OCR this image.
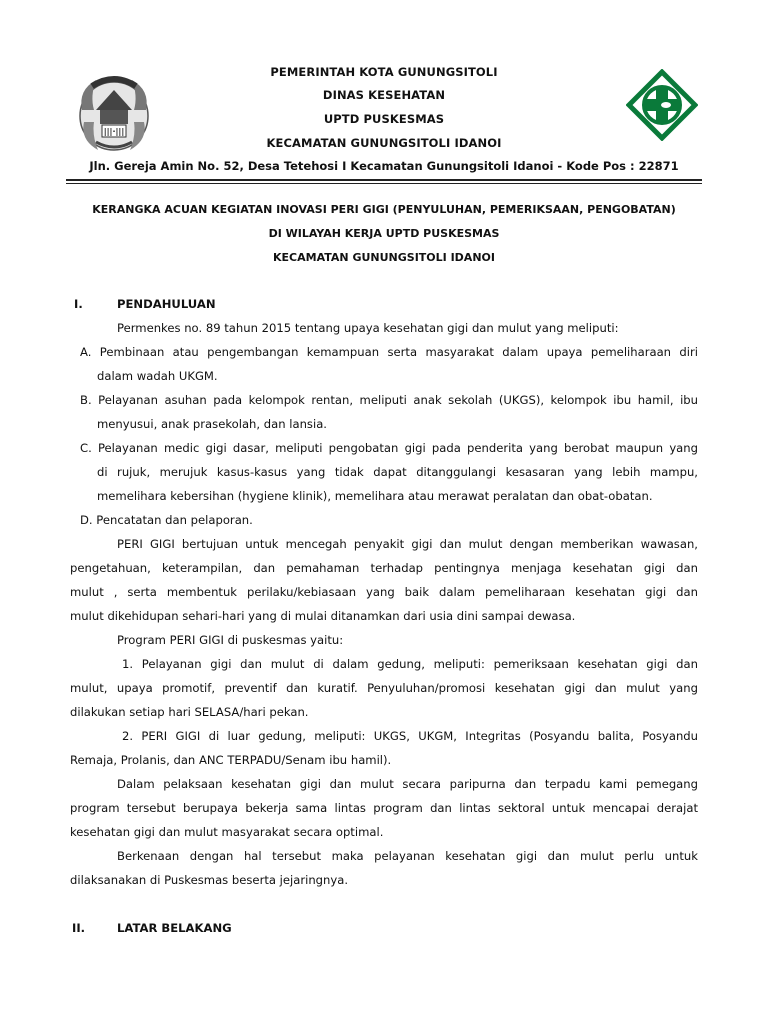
|||·|||
PEMERINTAH KOTA GUNUNGSITOLI
DINAS KESEHATAN
UPTD PUSKESMAS
KECAMATAN GUNUNGSITOLI IDANOI
Jln. Gereja Amin No. 52, Desa Tetehosi I Kecamatan Gunungsitoli Idanoi - Kode Pos : 22871
KERANGKA ACUAN KEGIATAN INOVASI PERI GIGI (PENYULUHAN, PEMERIKSAAN, PENGOBATAN)
DI WILAYAH KERJA UPTD PUSKESMAS
KECAMATAN GUNUNGSITOLI IDANOI
I.	PENDAHULUAN
Permenkes no. 89 tahun 2015 tentang upaya kesehatan gigi dan mulut yang meliputi:
A. Pembinaan atau pengembangan kemampuan serta masyarakat dalam upaya pemeliharaan diri
dalam wadah UKGM.
B. Pelayanan asuhan pada kelompok rentan, meliputi anak sekolah (UKGS), kelompok ibu hamil, ibu
menyusui, anak prasekolah, dan lansia.
C. Pelayanan medic gigi dasar, meliputi pengobatan gigi pada penderita yang berobat maupun yang
di rujuk, merujuk kasus-kasus yang tidak dapat ditanggulangi kesasaran yang lebih mampu,
memelihara kebersihan (hygiene klinik), memelihara atau merawat peralatan dan obat-obatan.
D. Pencatatan dan pelaporan.
PERI GIGI bertujuan untuk mencegah penyakit gigi dan mulut dengan memberikan wawasan,
pengetahuan, keterampilan, dan pemahaman terhadap pentingnya menjaga kesehatan gigi dan
mulut , serta membentuk perilaku/kebiasaan yang baik dalam pemeliharaan kesehatan gigi dan
mulut dikehidupan sehari-hari yang di mulai ditanamkan dari usia dini sampai dewasa.
Program PERI GIGI di puskesmas yaitu:
1. Pelayanan gigi dan mulut di dalam gedung, meliputi: pemeriksaan kesehatan gigi dan
mulut, upaya promotif, preventif dan kuratif. Penyuluhan/promosi kesehatan gigi dan mulut yang
dilakukan setiap hari SELASA/hari pekan.
2. PERI GIGI di luar gedung, meliputi: UKGS, UKGM, Integritas (Posyandu balita, Posyandu
Remaja, Prolanis, dan ANC TERPADU/Senam ibu hamil).
Dalam pelaksaan kesehatan gigi dan mulut secara paripurna dan terpadu kami pemegang
program tersebut berupaya bekerja sama lintas program dan lintas sektoral untuk mencapai derajat
kesehatan gigi dan mulut masyarakat secara optimal.
Berkenaan dengan hal tersebut maka pelayanan kesehatan gigi dan mulut perlu untuk
dilaksanakan di Puskesmas beserta jejaringnya.
II.	LATAR BELAKANG
